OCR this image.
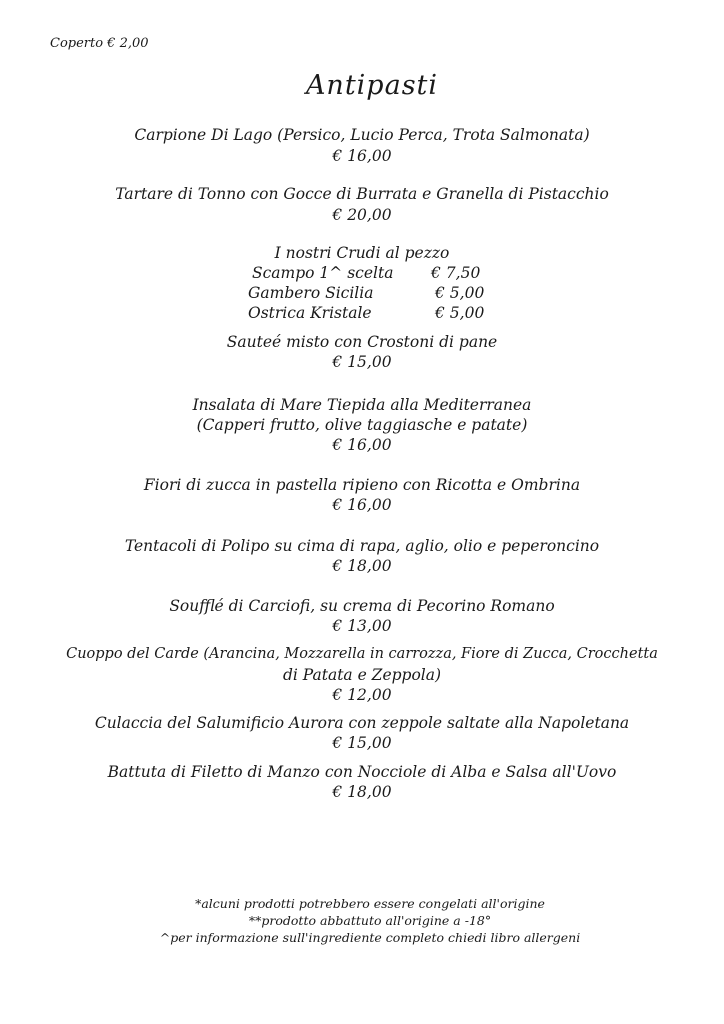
Coperto € 2,00
Antipasti
Carpione Di Lago (Persico, Lucio Perca, Trota Salmonata)
€ 16,00
Tartare di Tonno con Gocce di Burrata e Granella di Pistacchio
€ 20,00
I nostri Crudi al pezzo
Scampo 1^ scelta € 7,50
Gambero Sicilia	€ 5,00
Ostrica Kristale	€ 5,00
Sauteé misto con Crostoni di pane
€ 15,00
Insalata di Mare Tiepida alla Mediterranea
(Capperi frutto, olive taggiasche e patate)
€ 16,00
Fiori di zucca in pastella ripieno con Ricotta e Ombrina
€ 16,00
Tentacoli di Polipo su cima di rapa, aglio, olio e peperoncino
€ 18,00
Soufflé di Carciofi, su crema di Pecorino Romano
€ 13,00
Cuoppo del Carde (Arancina, Mozzarella in carrozza, Fiore di Zucca, Crocchetta
di Patata e Zeppola)
€ 12,00
Culaccia del Salumificio Aurora con zeppole saltate alla Napoletana
€ 15,00
Battuta di Filetto di Manzo con Nocciole di Alba e Salsa all'Uovo
€ 18,00
*alcuni prodotti potrebbero essere congelati all'origine
**prodotto abbattuto all'origine a -18°
^per informazione sull'ingrediente completo chiedi libro allergeni
